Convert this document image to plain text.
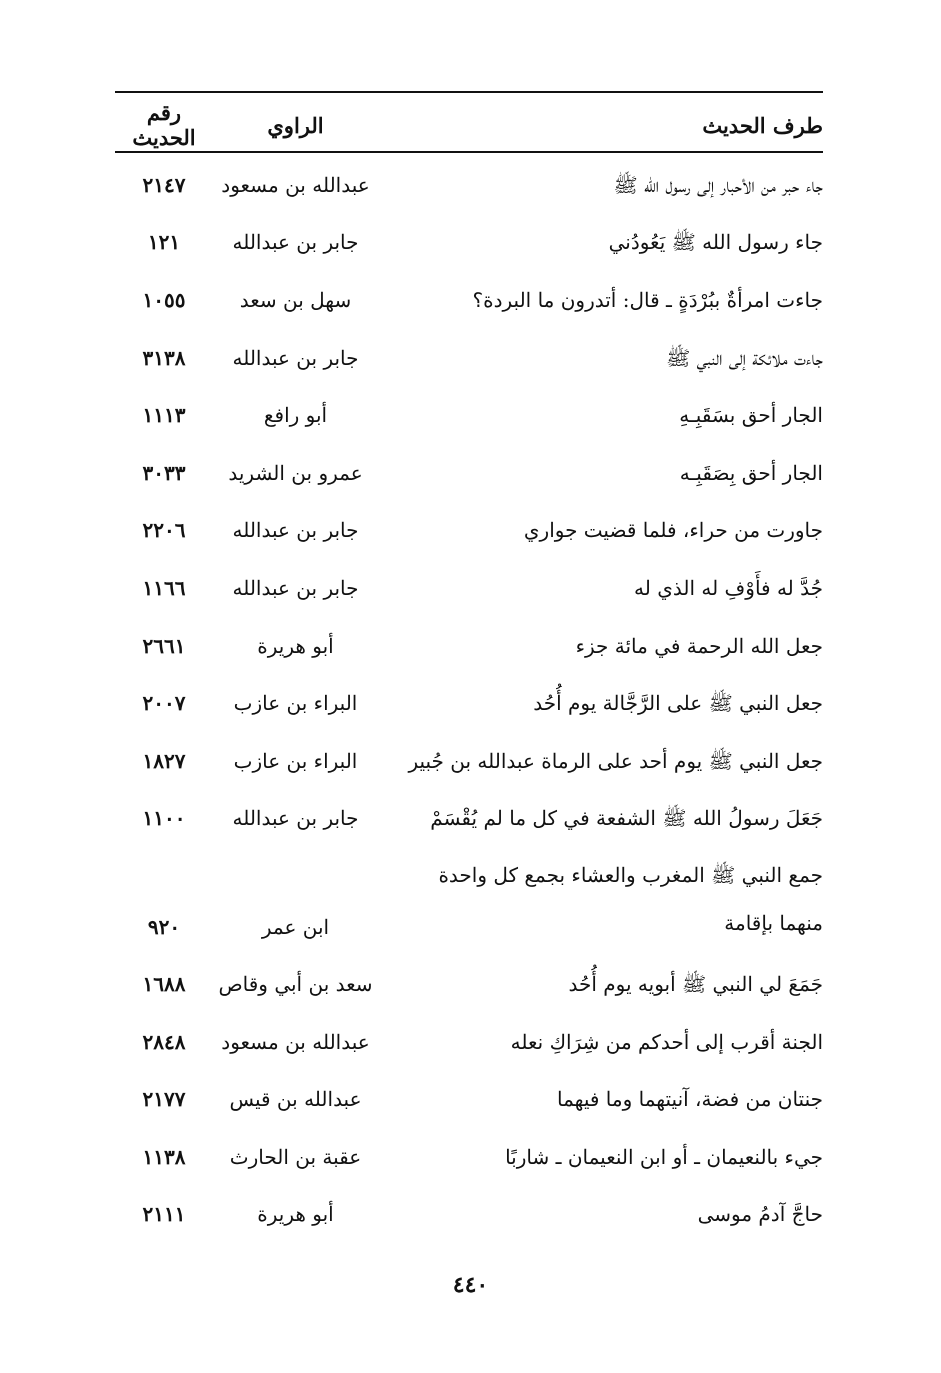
طرف الحديث
الراوي
رقم الحديث
جاء حبر من الأحبار إلى رسول الله ﷺ
عبدالله بن مسعود
٢١٤٧
جاء رسول الله ﷺ يَعُودُني
جابر بن عبدالله
١٢١
جاءت امرأةٌ ببُرْدَةٍ ـ قال: أتدرون ما البردة؟
سهل بن سعد
١٠٥٥
جاءت ملائكة إلى النبي ﷺ
جابر بن عبدالله
٣١٣٨
الجار أحق بسَقَبِـهِ
أبو رافع
١١١٣
الجار أحق بِصَقَبِـه
عمرو بن الشريد
٣٠٣٣
جاورت من حراء، فلما قضيت جواري
جابر بن عبدالله
٢٢٠٦
جُدَّ له فأَوْفِ له الذي له
جابر بن عبدالله
١١٦٦
جعل الله الرحمة في مائة جزء
أبو هريرة
٢٦٦١
جعل النبي ﷺ على الرَّجَّالة يوم أُحُد
البراء بن عازب
٢٠٠٧
جعل النبي ﷺ يوم أحد على الرماة عبدالله بن جُبير
البراء بن عازب
١٨٢٧
جَعَلَ رسولُ الله ﷺ الشفعة في كل ما لم يُقْسَمْ
جابر بن عبدالله
١١٠٠
جمع النبي ﷺ المغرب والعشاء بجمع كل واحدة
منهما بإقامة
ابن عمر
٩٢٠
جَمَعَ لي النبي ﷺ أبويه يوم أُحُد
سعد بن أبي وقاص
١٦٨٨
الجنة أقرب إلى أحدكم من شِرَاكِ نعله
عبدالله بن مسعود
٢٨٤٨
جنتان من فضة، آنيتهما وما فيهما
عبدالله بن قيس
٢١٧٧
جيء بالنعيمان ـ أو ابن النعيمان ـ شاربًا
عقبة بن الحارث
١١٣٨
حاجَّ آدمُ موسى
أبو هريرة
٢١١١
٤٤٠
